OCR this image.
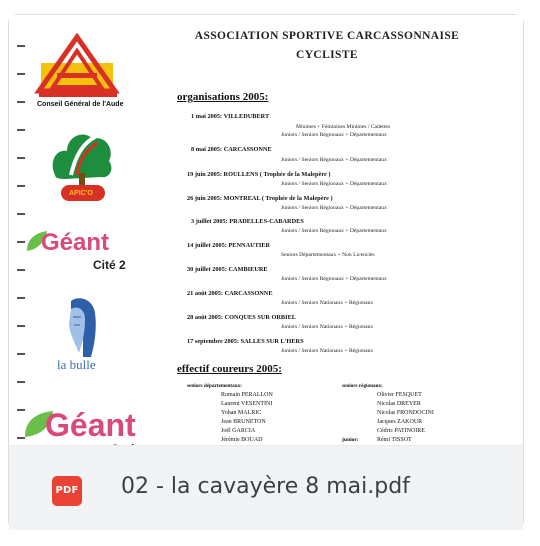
Conseil Général de l'Aude
APIC'O
Géant
Cité 2
la bulle
Géant
ASSOCIATION SPORTIVE CARCASSONNAISE
CYCLISTE
organisations 2005:
1 mai 2005: VILLEDUBERT
Minimes + Féminines Minimes / Cadettes
Juniors / Seniors Régionaux + Départementaux
8 mai 2005: CARCASSONNE
Juniors / Seniors Régionaux + Départementaux
19 juin 2005: ROULLENS ( Trophée de la Malepère )
Juniors / Seniors Régionaux + Départementaux
26 juin 2005: MONTREAL ( Trophée de la Malepère )
Juniors / Seniors Régionaux + Départementaux
3 juillet 2005: PRADELLES-CABARDES
Juniors / Seniors Régionaux + Départementaux
14 juillet 2005: PENNAUTIER
Seniors Départementaux + Non Licenciés
30 juillet 2005: CAMBIEURE
Juniors / Seniors Régionaux + Départementaux
21 août 2005: CARCASSONNE
Juniors / Seniors Nationaux + Régionaux
28 août 2005: CONQUES SUR ORBIEL
Juniors / Seniors Nationaux + Régionaux
17 septembre 2005: SALLES SUR L'HERS
Juniors / Seniors Nationaux + Régionaux
effectif coureurs 2005:
seniors départementaux:
Romain PERALLON
Laurent VESENTINI
Yohan MALRIC
Jean BRUNETON
Joël GARCIA
Jérémie BOUAD
seniors régionaux:
Olivier FESQUET
Nicolas DREYER
Nicolas FRONDOCINI
Jacques ZAKOUR
Cédric PATINOIRE
junior:	Rémi TISSOT
PDF 02 - la cavayère 8 mai.pdf
